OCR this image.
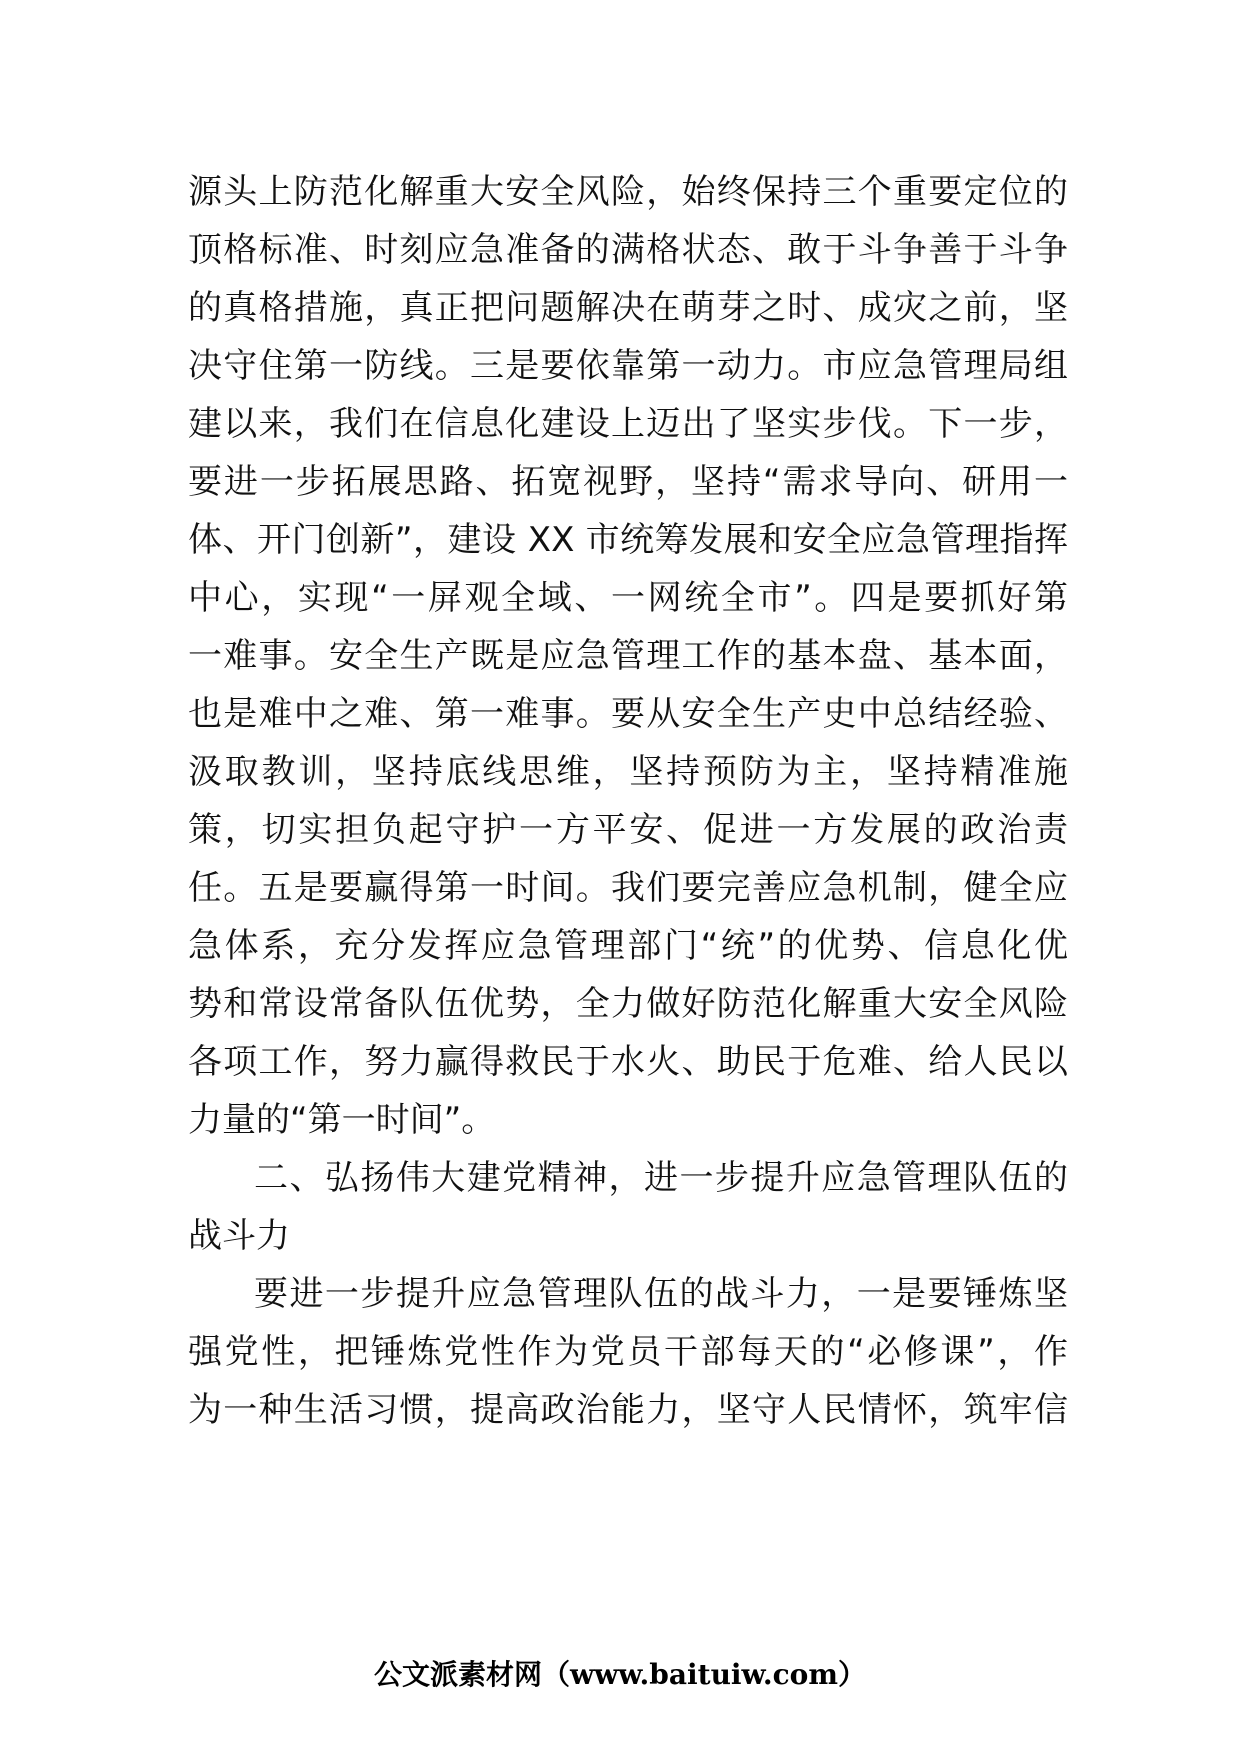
源头上防范化解重大安全风险，始终保持三个重要定位的
顶格标准、时刻应急准备的满格状态、敢于斗争善于斗争
的真格措施，真正把问题解决在萌芽之时、成灾之前，坚
决守住第一防线。三是要依靠第一动力。市应急管理局组
建以来，我们在信息化建设上迈出了坚实步伐。下一步，
要进一步拓展思路、拓宽视野，坚持“需求导向、研用一
体、开门创新”，建设 XX 市统筹发展和安全应急管理指挥
中心，实现“一屏观全域、一网统全市”。四是要抓好第
一难事。安全生产既是应急管理工作的基本盘、基本面，
也是难中之难、第一难事。要从安全生产史中总结经验、
汲取教训，坚持底线思维，坚持预防为主，坚持精准施
策，切实担负起守护一方平安、促进一方发展的政治责
任。五是要赢得第一时间。我们要完善应急机制，健全应
急体系，充分发挥应急管理部门“统”的优势、信息化优
势和常设常备队伍优势，全力做好防范化解重大安全风险
各项工作，努力赢得救民于水火、助民于危难、给人民以
力量的“第一时间”。
二、弘扬伟大建党精神，进一步提升应急管理队伍的
战斗力
要进一步提升应急管理队伍的战斗力，一是要锤炼坚
强党性，把锤炼党性作为党员干部每天的“必修课”，作
为一种生活习惯，提高政治能力，坚守人民情怀，筑牢信
公文派素材网（www.baituiw.com）
